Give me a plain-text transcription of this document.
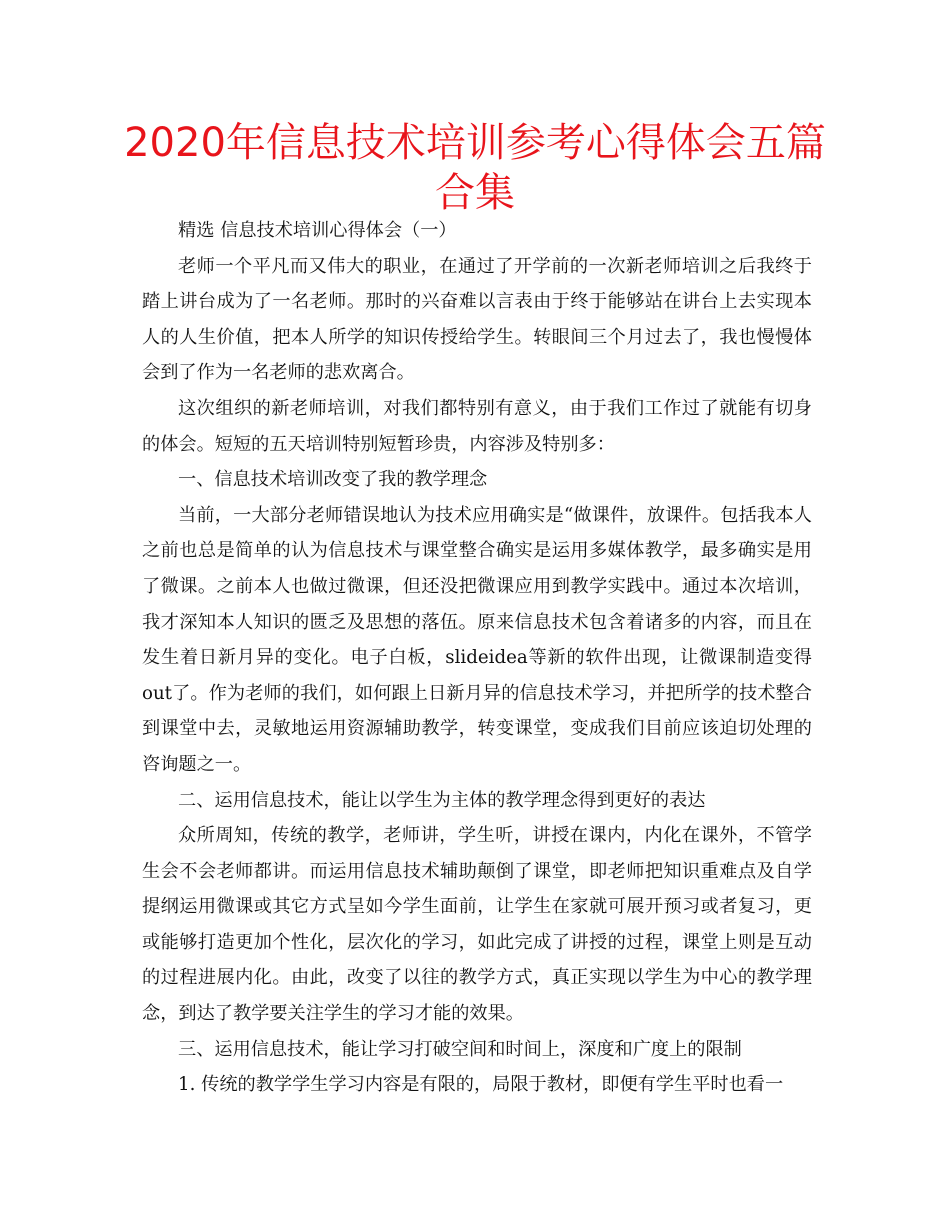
2020年信息技术培训参考心得体会五篇合集

精选 信息技术培训心得体会（一）

老师一个平凡而又伟大的职业，在通过了开学前的一次新老师培训之后我终于踏上讲台成为了一名老师。那时的兴奋难以言表由于终于能够站在讲台上去实现本人的人生价值，把本人所学的知识传授给学生。转眼间三个月过去了，我也慢慢体会到了作为一名老师的悲欢离合。

这次组织的新老师培训，对我们都特别有意义，由于我们工作过了就能有切身的体会。短短的五天培训特别短暂珍贵，内容涉及特别多：

一、信息技术培训改变了我的教学理念

当前，一大部分老师错误地认为技术应用确实是“做课件，放课件。包括我本人之前也总是简单的认为信息技术与课堂整合确实是运用多媒体教学，最多确实是用了微课。之前本人也做过微课，但还没把微课应用到教学实践中。通过本次培训，我才深知本人知识的匮乏及思想的落伍。原来信息技术包含着诸多的内容，而且在发生着日新月异的变化。电子白板，slideidea等新的软件出现，让微课制造变得out了。作为老师的我们，如何跟上日新月异的信息技术学习，并把所学的技术整合到课堂中去，灵敏地运用资源辅助教学，转变课堂，变成我们目前应该迫切处理的咨询题之一。

二、运用信息技术，能让以学生为主体的教学理念得到更好的表达

众所周知，传统的教学，老师讲，学生听，讲授在课内，内化在课外，不管学生会不会老师都讲。而运用信息技术辅助颠倒了课堂，即老师把知识重难点及自学提纲运用微课或其它方式呈如今学生面前，让学生在家就可展开预习或者复习，更或能够打造更加个性化，层次化的学习，如此完成了讲授的过程，课堂上则是互动的过程进展内化。由此，改变了以往的教学方式，真正实现以学生为中心的教学理念，到达了教学要关注学生的学习才能的效果。

三、运用信息技术，能让学习打破空间和时间上，深度和广度上的限制

1. 传统的教学学生学习内容是有限的，局限于教材，即便有学生平时也看一
